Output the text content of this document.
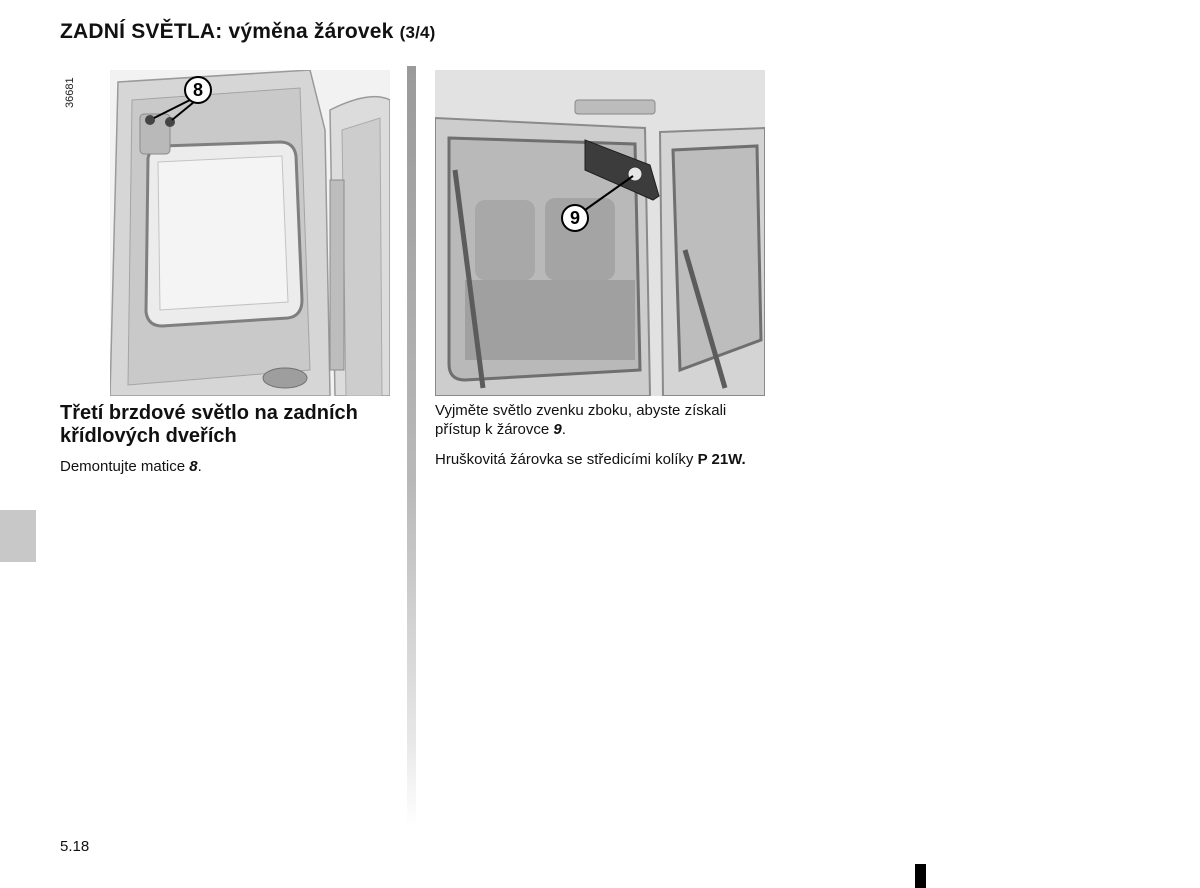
ZADNÍ SVĚTLA: výměna žárovek (3/4)
36681	8
9
Třetí brzdové světlo na zadních křídlových dveřích
Demontujte matice 8.
Vyjměte světlo zvenku zboku, abyste získali přístup k žárovce 9.
Hruškovitá žárovka se středicími kolíky P 21W.
5.18
